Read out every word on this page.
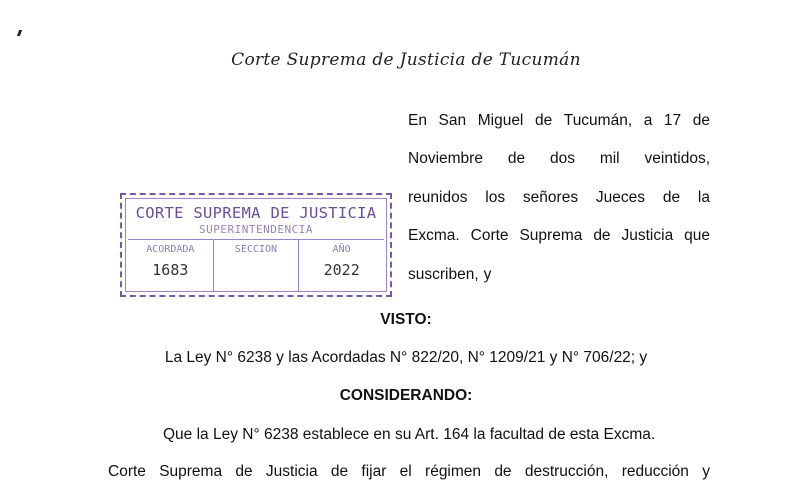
Corte Suprema de Justicia de Tucumán
En San Miguel de Tucumán, a 17 de
Noviembre de dos mil veintidos,
reunidos los señores Jueces de la
Excma. Corte Suprema de Justicia que
suscriben, y
CORTE SUPREMA DE JUSTICIA
SUPERINTENDENCIA
ACORDADA
1683
SECCION	AÑO
2022
VISTO:
La Ley N° 6238 y las Acordadas N° 822/20, N° 1209/21 y N° 706/22; y
CONSIDERANDO:
Que la Ley N° 6238 establece en su Art. 164 la facultad de esta Excma.
Corte Suprema de Justicia de fijar el régimen de destrucción, reducción y
